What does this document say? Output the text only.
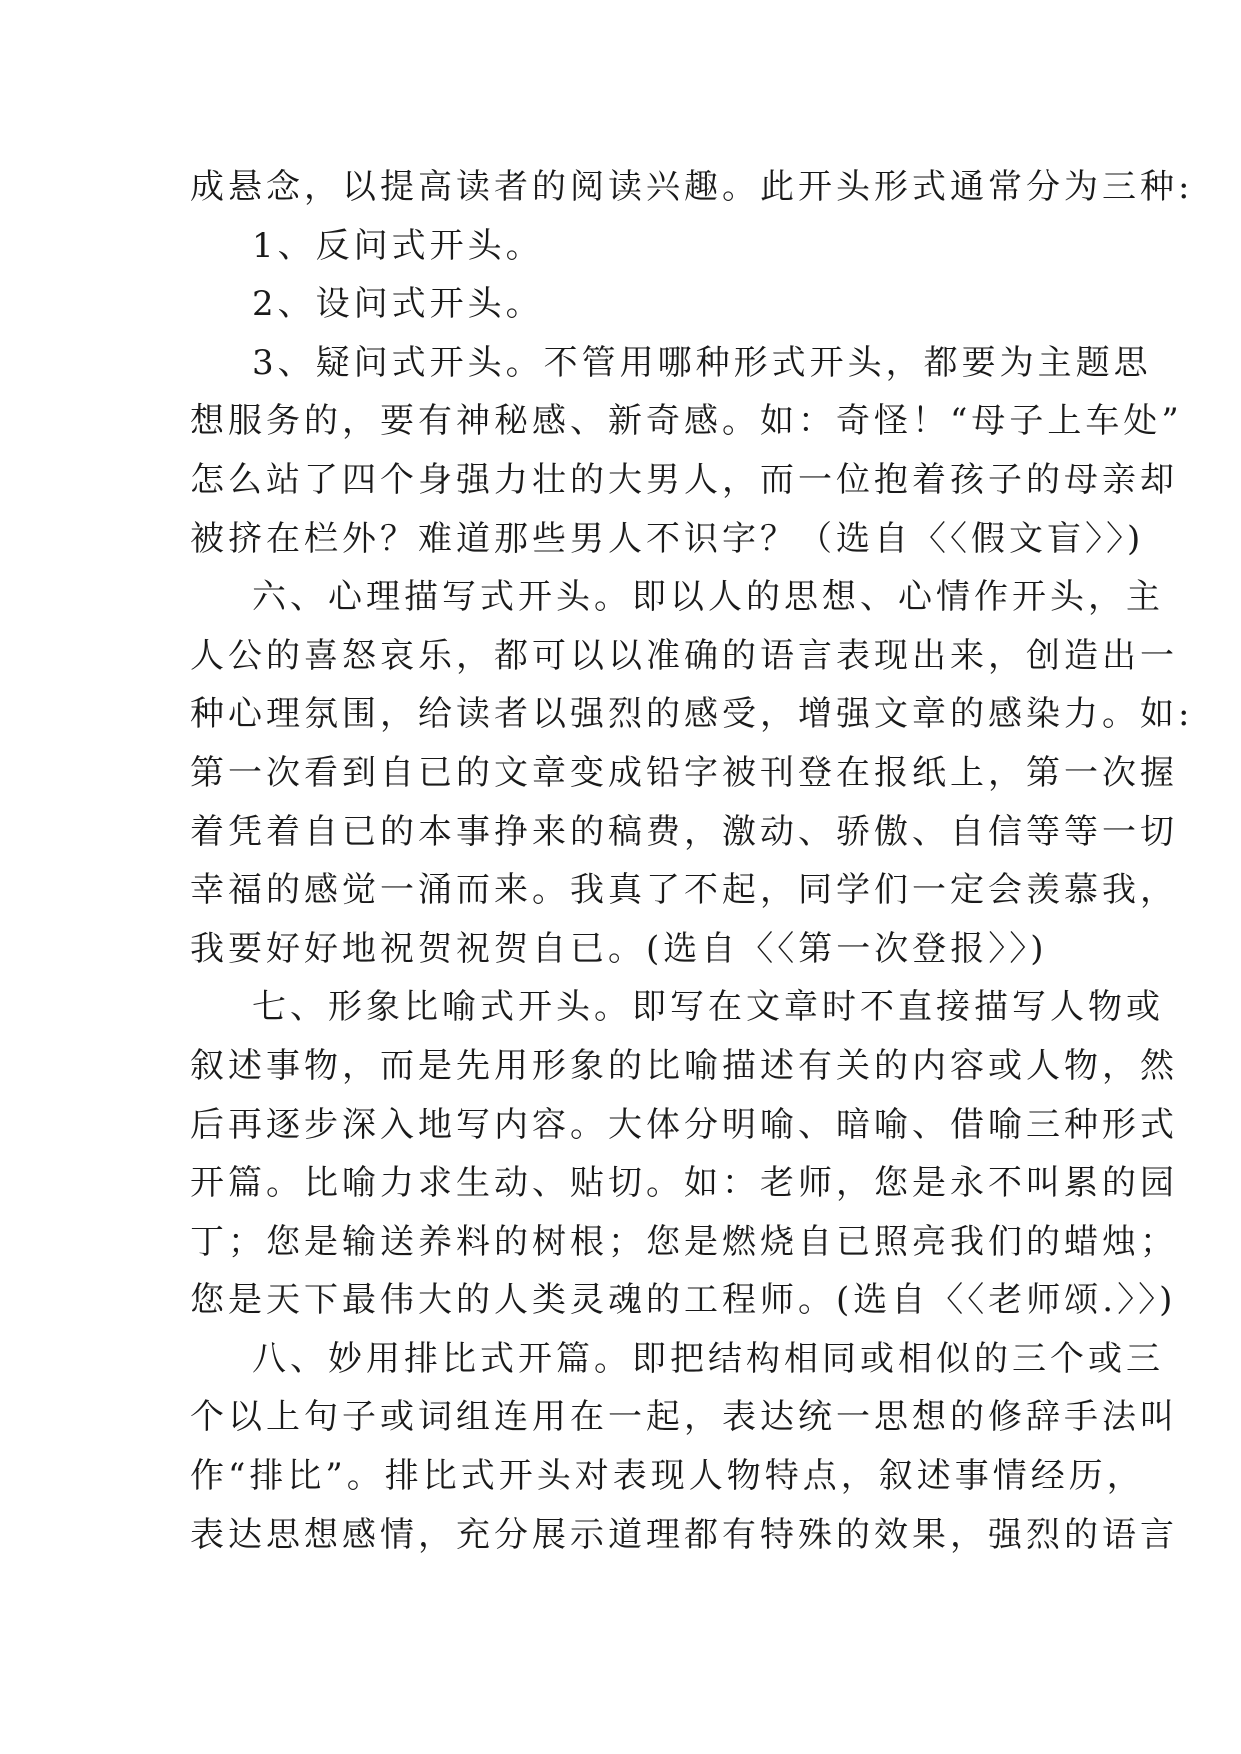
成悬念，以提高读者的阅读兴趣。此开头形式通常分为三种:
1、反问式开头。
2、设问式开头。
3、疑问式开头。不管用哪种形式开头，都要为主题思
想服务的，要有神秘感、新奇感。如：奇怪！“母子上车处”
怎么站了四个身强力壮的大男人，而一位抱着孩子的母亲却
被挤在栏外？难道那些男人不识字？（选自〈〈假文盲〉〉)
六、心理描写式开头。即以人的思想、心情作开头，主
人公的喜怒哀乐，都可以以准确的语言表现出来，创造出一
种心理氛围，给读者以强烈的感受，增强文章的感染力。如:
第一次看到自已的文章变成铅字被刊登在报纸上，第一次握
着凭着自已的本事挣来的稿费，激动、骄傲、自信等等一切
幸福的感觉一涌而来。我真了不起，同学们一定会羡慕我，
我要好好地祝贺祝贺自已。(选自〈〈第一次登报〉〉)
七、形象比喻式开头。即写在文章时不直接描写人物或
叙述事物，而是先用形象的比喻描述有关的内容或人物，然
后再逐步深入地写内容。大体分明喻、暗喻、借喻三种形式
开篇。比喻力求生动、贴切。如：老师，您是永不叫累的园
丁；您是输送养料的树根；您是燃烧自已照亮我们的蜡烛；
您是天下最伟大的人类灵魂的工程师。(选自〈〈老师颂.〉〉)
八、妙用排比式开篇。即把结构相同或相似的三个或三
个以上句子或词组连用在一起，表达统一思想的修辞手法叫
作“排比”。排比式开头对表现人物特点，叙述事情经历，
表达思想感情，充分展示道理都有特殊的效果，强烈的语言
